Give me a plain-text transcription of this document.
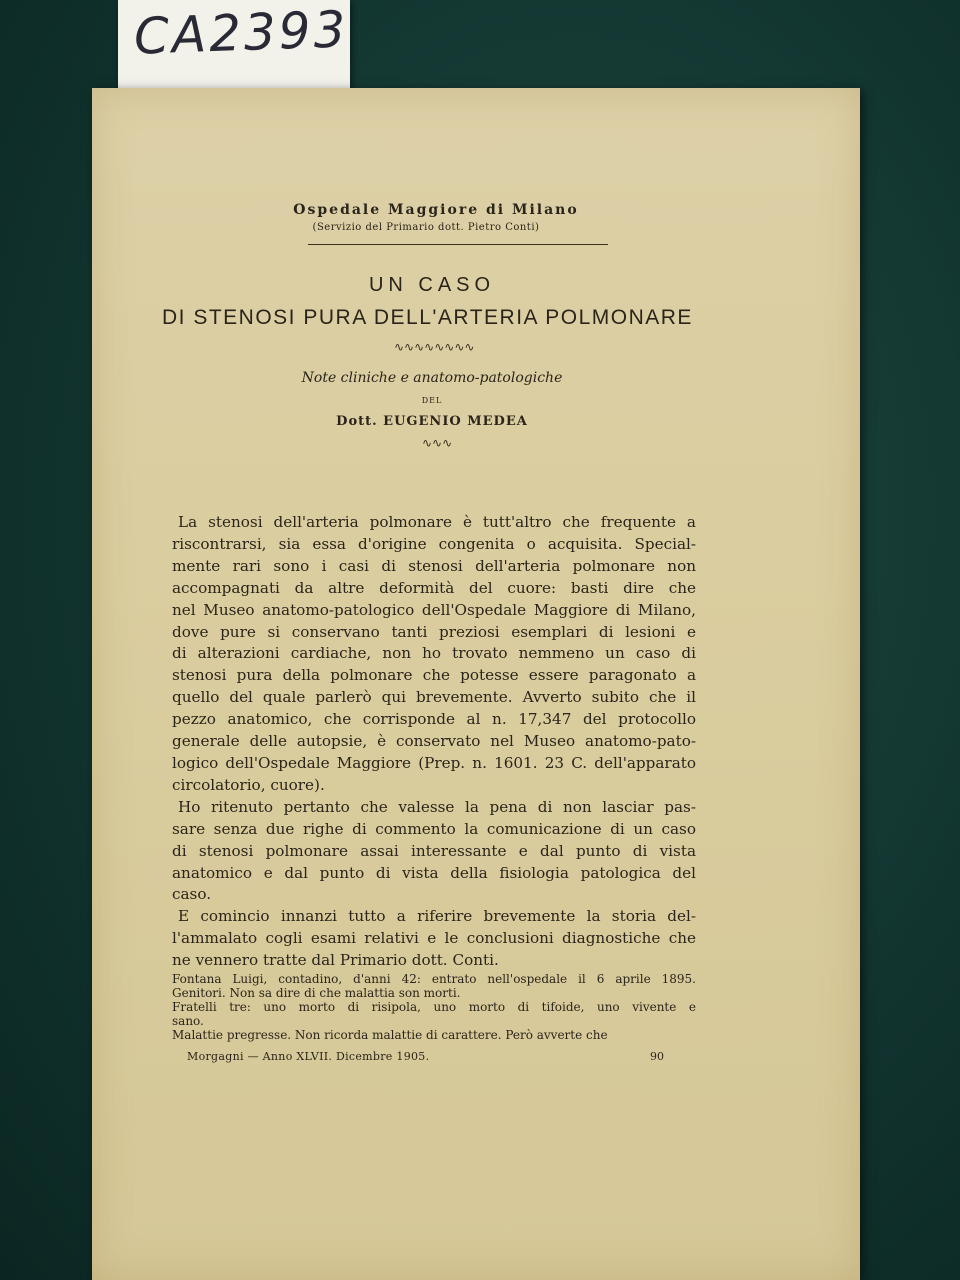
CA2393
Ospedale Maggiore di Milano
(Servizio del Primario dott. Pietro Conti)
UN CASO
DI STENOSI PURA DELL'ARTERIA POLMONARE
∿∿∿∿∿∿∿∿
Note cliniche e anatomo-patologiche
DEL
Dott. EUGENIO MEDEA
∿∿∿
La stenosi dell'arteria polmonare è tutt'altro che frequente a
riscontrarsi, sia essa d'origine congenita o acquisita. Special-
mente rari sono i casi di stenosi dell'arteria polmonare non
accompagnati da altre deformità del cuore: basti dire che
nel Museo anatomo-patologico dell'Ospedale Maggiore di Milano,
dove pure si conservano tanti preziosi esemplari di lesioni e
di alterazioni cardiache, non ho trovato nemmeno un caso di
stenosi pura della polmonare che potesse essere paragonato a
quello del quale parlerò qui brevemente. Avverto subito che il
pezzo anatomico, che corrisponde al n. 17,347 del protocollo
generale delle autopsie, è conservato nel Museo anatomo-pato-
logico dell'Ospedale Maggiore (Prep. n. 1601. 23 C. dell'apparato
circolatorio, cuore).
Ho ritenuto pertanto che valesse la pena di non lasciar pas-
sare senza due righe di commento la comunicazione di un caso
di stenosi polmonare assai interessante e dal punto di vista
anatomico e dal punto di vista della fisiologia patologica del
caso.
E comincio innanzi tutto a riferire brevemente la storia del-
l'ammalato cogli esami relativi e le conclusioni diagnostiche che
ne vennero tratte dal Primario dott. Conti.
Fontana Luigi, contadino, d'anni 42: entrato nell'ospedale il 6 aprile 1895.
Genitori. Non sa dire di che malattia son morti.
Fratelli tre: uno morto di risipola, uno morto di tifoide, uno vivente e
sano.
Malattie pregresse. Non ricorda malattie di carattere. Però avverte che
Morgagni — Anno XLVII. Dicembre 1905.	90
